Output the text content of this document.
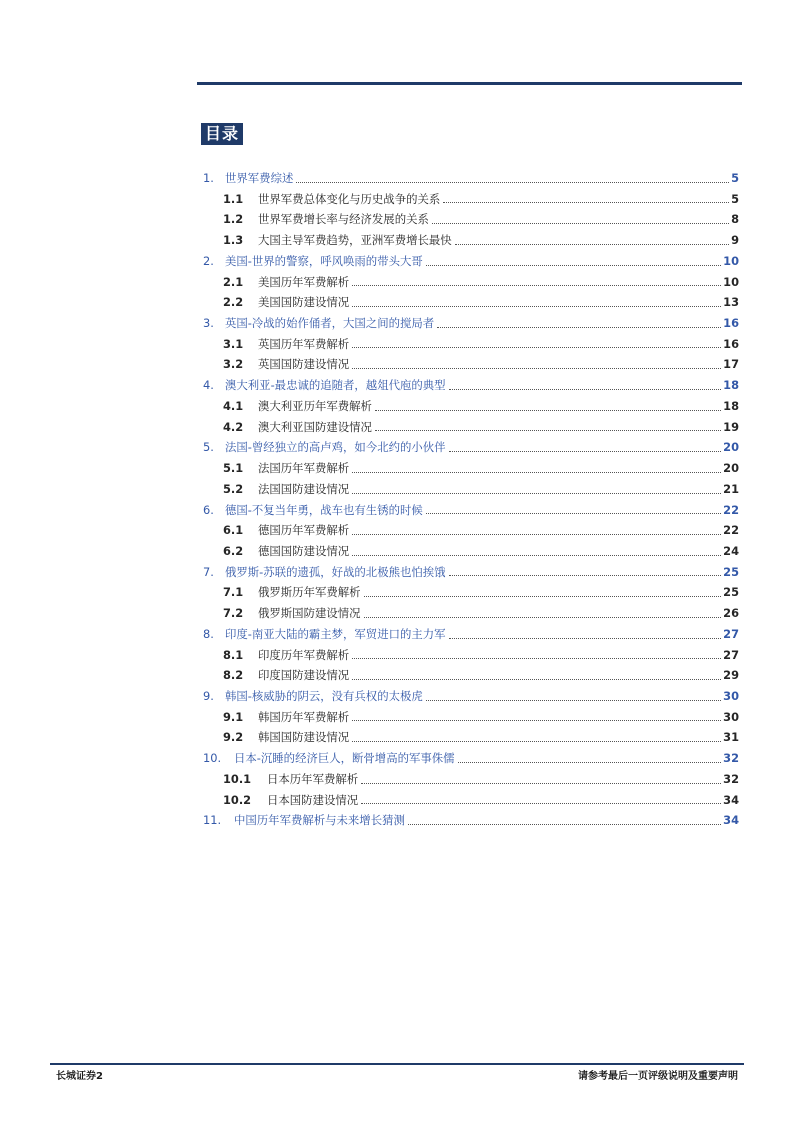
目录
1. 世界军费综述	5
1.1	世界军费总体变化与历史战争的关系	5
1.2	世界军费增长率与经济发展的关系	8
1.3	大国主导军费趋势，亚洲军费增长最快	9
2. 美国-世界的警察，呼风唤雨的带头大哥	10
2.1	美国历年军费解析	10
2.2	美国国防建设情况	13
3. 英国-冷战的始作俑者，大国之间的搅局者	16
3.1	英国历年军费解析	16
3.2	英国国防建设情况	17
4. 澳大利亚-最忠诚的追随者，越俎代庖的典型	18
4.1	澳大利亚历年军费解析	18
4.2	澳大利亚国防建设情况	19
5. 法国-曾经独立的高卢鸡，如今北约的小伙伴	20
5.1	法国历年军费解析	20
5.2	法国国防建设情况	21
6. 德国-不复当年勇，战车也有生锈的时候	22
6.1	德国历年军费解析	22
6.2	德国国防建设情况	24
7. 俄罗斯-苏联的遗孤，好战的北极熊也怕挨饿	25
7.1	俄罗斯历年军费解析	25
7.2	俄罗斯国防建设情况	26
8. 印度-南亚大陆的霸主梦，军贸进口的主力军	27
8.1	印度历年军费解析	27
8.2	印度国防建设情况	29
9. 韩国-核威胁的阴云，没有兵权的太极虎	30
9.1	韩国历年军费解析	30
9.2	韩国国防建设情况	31
10.	日本-沉睡的经济巨人，断骨增高的军事侏儒	32
10.1	日本历年军费解析	32
10.2	日本国防建设情况	34
11.	中国历年军费解析与未来增长猜测	34
长城证券2	请参考最后一页评级说明及重要声明
